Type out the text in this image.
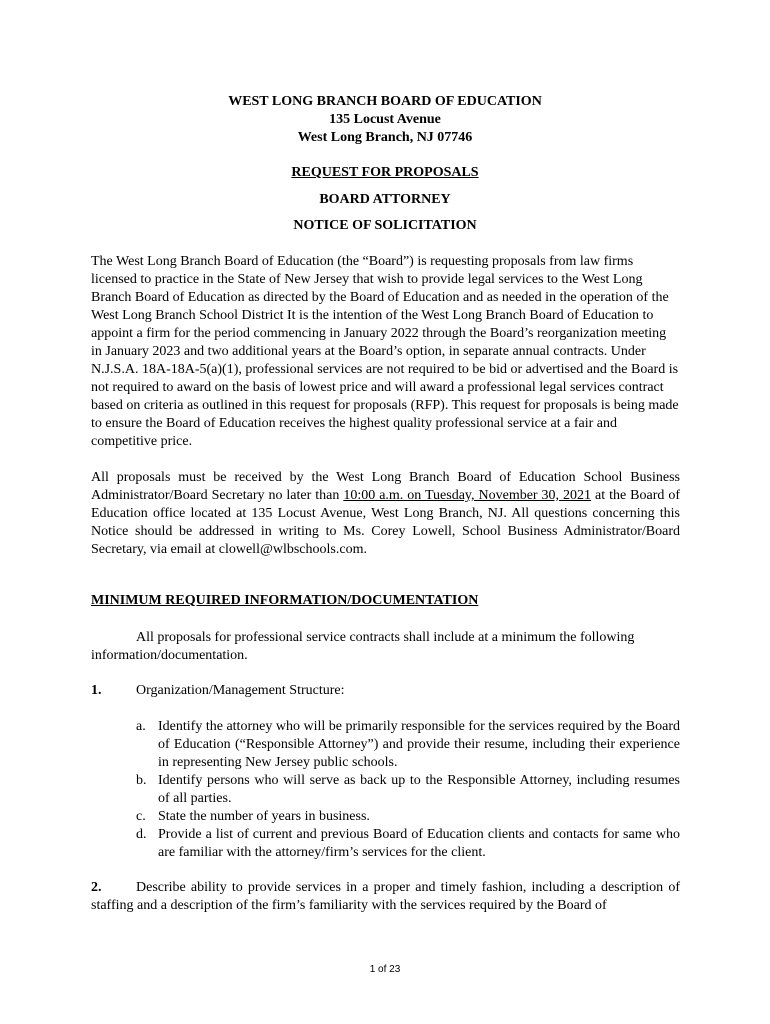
WEST LONG BRANCH BOARD OF EDUCATION
135 Locust Avenue
West Long Branch, NJ 07746
REQUEST FOR PROPOSALS
BOARD ATTORNEY
NOTICE OF SOLICITATION

The West Long Branch Board of Education (the “Board”) is requesting proposals from law firms licensed to practice in the State of New Jersey that wish to provide legal services to the West Long Branch Board of Education as directed by the Board of Education and as needed in the operation of the West Long Branch School District It is the intention of the West Long Branch Board of Education to appoint a firm for the period commencing in January 2022 through the Board’s reorganization meeting in January 2023 and two additional years at the Board’s option, in separate annual contracts. Under N.J.S.A. 18A-18A-5(a)(1), professional services are not required to be bid or advertised and the Board is not required to award on the basis of lowest price and will award a professional legal services contract based on criteria as outlined in this request for proposals (RFP). This request for proposals is being made to ensure the Board of Education receives the highest quality professional service at a fair and competitive price.

All proposals must be received by the West Long Branch Board of Education School Business Administrator/Board Secretary no later than 10:00 a.m. on Tuesday, November 30, 2021 at the Board of Education office located at 135 Locust Avenue, West Long Branch, NJ. All questions concerning this Notice should be addressed in writing to Ms. Corey Lowell, School Business Administrator/Board Secretary, via email at clowell@wlbschools.com.

MINIMUM REQUIRED INFORMATION/DOCUMENTATION

All proposals for professional service contracts shall include at a minimum the following information/documentation.

1. Organization/Management Structure:
a. Identify the attorney who will be primarily responsible for the services required by the Board of Education (“Responsible Attorney”) and provide their resume, including their experience in representing New Jersey public schools.
b. Identify persons who will serve as back up to the Responsible Attorney, including resumes of all parties.
c. State the number of years in business.
d. Provide a list of current and previous Board of Education clients and contacts for same who are familiar with the attorney/firm’s services for the client.

2. Describe ability to provide services in a proper and timely fashion, including a description of staffing and a description of the firm’s familiarity with the services required by the Board of

1 of 23
